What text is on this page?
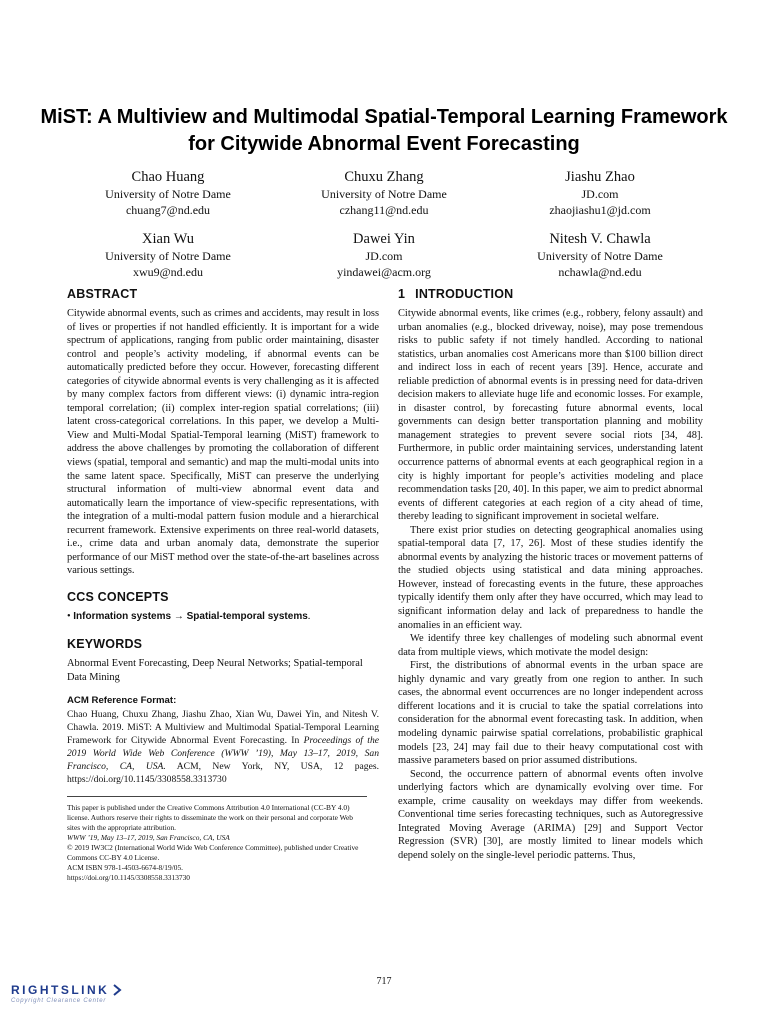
MiST: A Multiview and Multimodal Spatial-Temporal Learning Framework for Citywide Abnormal Event Forecasting
Chao Huang
University of Notre Dame
chuang7@nd.edu
Chuxu Zhang
University of Notre Dame
czhang11@nd.edu
Jiashu Zhao
JD.com
zhaojiashu1@jd.com
Xian Wu
University of Notre Dame
xwu9@nd.edu
Dawei Yin
JD.com
yindawei@acm.org
Nitesh V. Chawla
University of Notre Dame
nchawla@nd.edu
ABSTRACT

Citywide abnormal events, such as crimes and accidents, may result in loss of lives or properties if not handled efficiently. It is important for a wide spectrum of applications, ranging from public order maintaining, disaster control and people’s activity modeling, if abnormal events can be automatically predicted before they occur. However, forecasting different categories of citywide abnormal events is very challenging as it is affected by many complex factors from different views: (i) dynamic intra-region temporal correlation; (ii) complex inter-region spatial correlations; (iii) latent cross-categorical correlations. In this paper, we develop a Multi-View and Multi-Modal Spatial-Temporal learning (MiST) framework to address the above challenges by promoting the collaboration of different views (spatial, temporal and semantic) and map the multi-modal units into the same latent space. Specifically, MiST can preserve the underlying structural information of multi-view abnormal event data and automatically learn the importance of view-specific representations, with the integration of a multi-modal pattern fusion module and a hierarchical recurrent framework. Extensive experiments on three real-world datasets, i.e., crime data and urban anomaly data, demonstrate the superior performance of our MiST method over the state-of-the-art baselines across various settings.

CCS CONCEPTS
• Information systems → Spatial-temporal systems.
KEYWORDS

Abnormal Event Forecasting, Deep Neural Networks; Spatial-temporal Data Mining

ACM Reference Format:
Chao Huang, Chuxu Zhang, Jiashu Zhao, Xian Wu, Dawei Yin, and Nitesh V. Chawla. 2019. MiST: A Multiview and Multimodal Spatial-Temporal Learning Framework for Citywide Abnormal Event Forecasting. In Proceedings of the 2019 World Wide Web Conference (WWW ’19), May 13–17, 2019, San Francisco, CA, USA. ACM, New York, NY, USA, 12 pages. https://doi.org/10.1145/3308558.3313730
This paper is published under the Creative Commons Attribution 4.0 International (CC-BY 4.0) license. Authors reserve their rights to disseminate the work on their personal and corporate Web sites with the appropriate attribution.
WWW ’19, May 13–17, 2019, San Francisco, CA, USA
© 2019 IW3C2 (International World Wide Web Conference Committee), published under Creative Commons CC-BY 4.0 License.
ACM ISBN 978-1-4503-6674-8/19/05.
https://doi.org/10.1145/3308558.3313730
1 INTRODUCTION

Citywide abnormal events, like crimes (e.g., robbery, felony assault) and urban anomalies (e.g., blocked driveway, noise), may pose tremendous risks to public safety if not timely handled. According to national statistics, urban anomalies cost Americans more than $100 billion direct and indirect loss in each of recent years [39]. Hence, accurate and reliable prediction of abnormal events is in pressing need for data-driven decision makers to alleviate huge life and economic losses. For example, in disaster control, by forecasting future abnormal events, local governments can design better transportation planning and mobility management strategies to prevent severe social riots [34, 48]. Furthermore, in public order maintaining services, understanding latent occurrence patterns of abnormal events at each geographical region in a city is highly important for people’s activities modeling and place recommendation tasks [20, 40]. In this paper, we aim to predict abnormal events of different categories at each region of a city ahead of time, thereby leading to significant improvement in societal welfare.

There exist prior studies on detecting geographical anomalies using spatial-temporal data [7, 17, 26]. Most of these studies identify the abnormal events by analyzing the historic traces or movement patterns of the studied objects using statistical and data mining approaches. However, instead of forecasting events in the future, these approaches typically identify them only after they have occurred, which may lead to significant information delay and lack of preparedness to handle the anomalies in an efficient way.

We identify three key challenges of modeling such abnormal event data from multiple views, which motivate the model design:

First, the distributions of abnormal events in the urban space are highly dynamic and vary greatly from one region to anther. In such cases, the abnormal event occurrences are no longer independent across different locations and it is crucial to take the spatial correlations into consideration for the abnormal event forecasting task. In addition, when modeling dynamic pairwise spatial correlations, probabilistic graphical models [23, 24] may fail due to their heavy computational cost with massive parameters based on prior assumed distributions.

Second, the occurrence pattern of abnormal events often involve underlying factors which are dynamically evolving over time. For example, crime causality on weekdays may differ from weekends. Conventional time series forecasting techniques, such as Autoregressive Integrated Moving Average (ARIMA) [29] and Support Vector Regression (SVR) [30], are mostly limited to linear models which depend solely on the single-level periodic patterns. Thus,

717
RIGHTSLINK
Copyright Clearance Center
